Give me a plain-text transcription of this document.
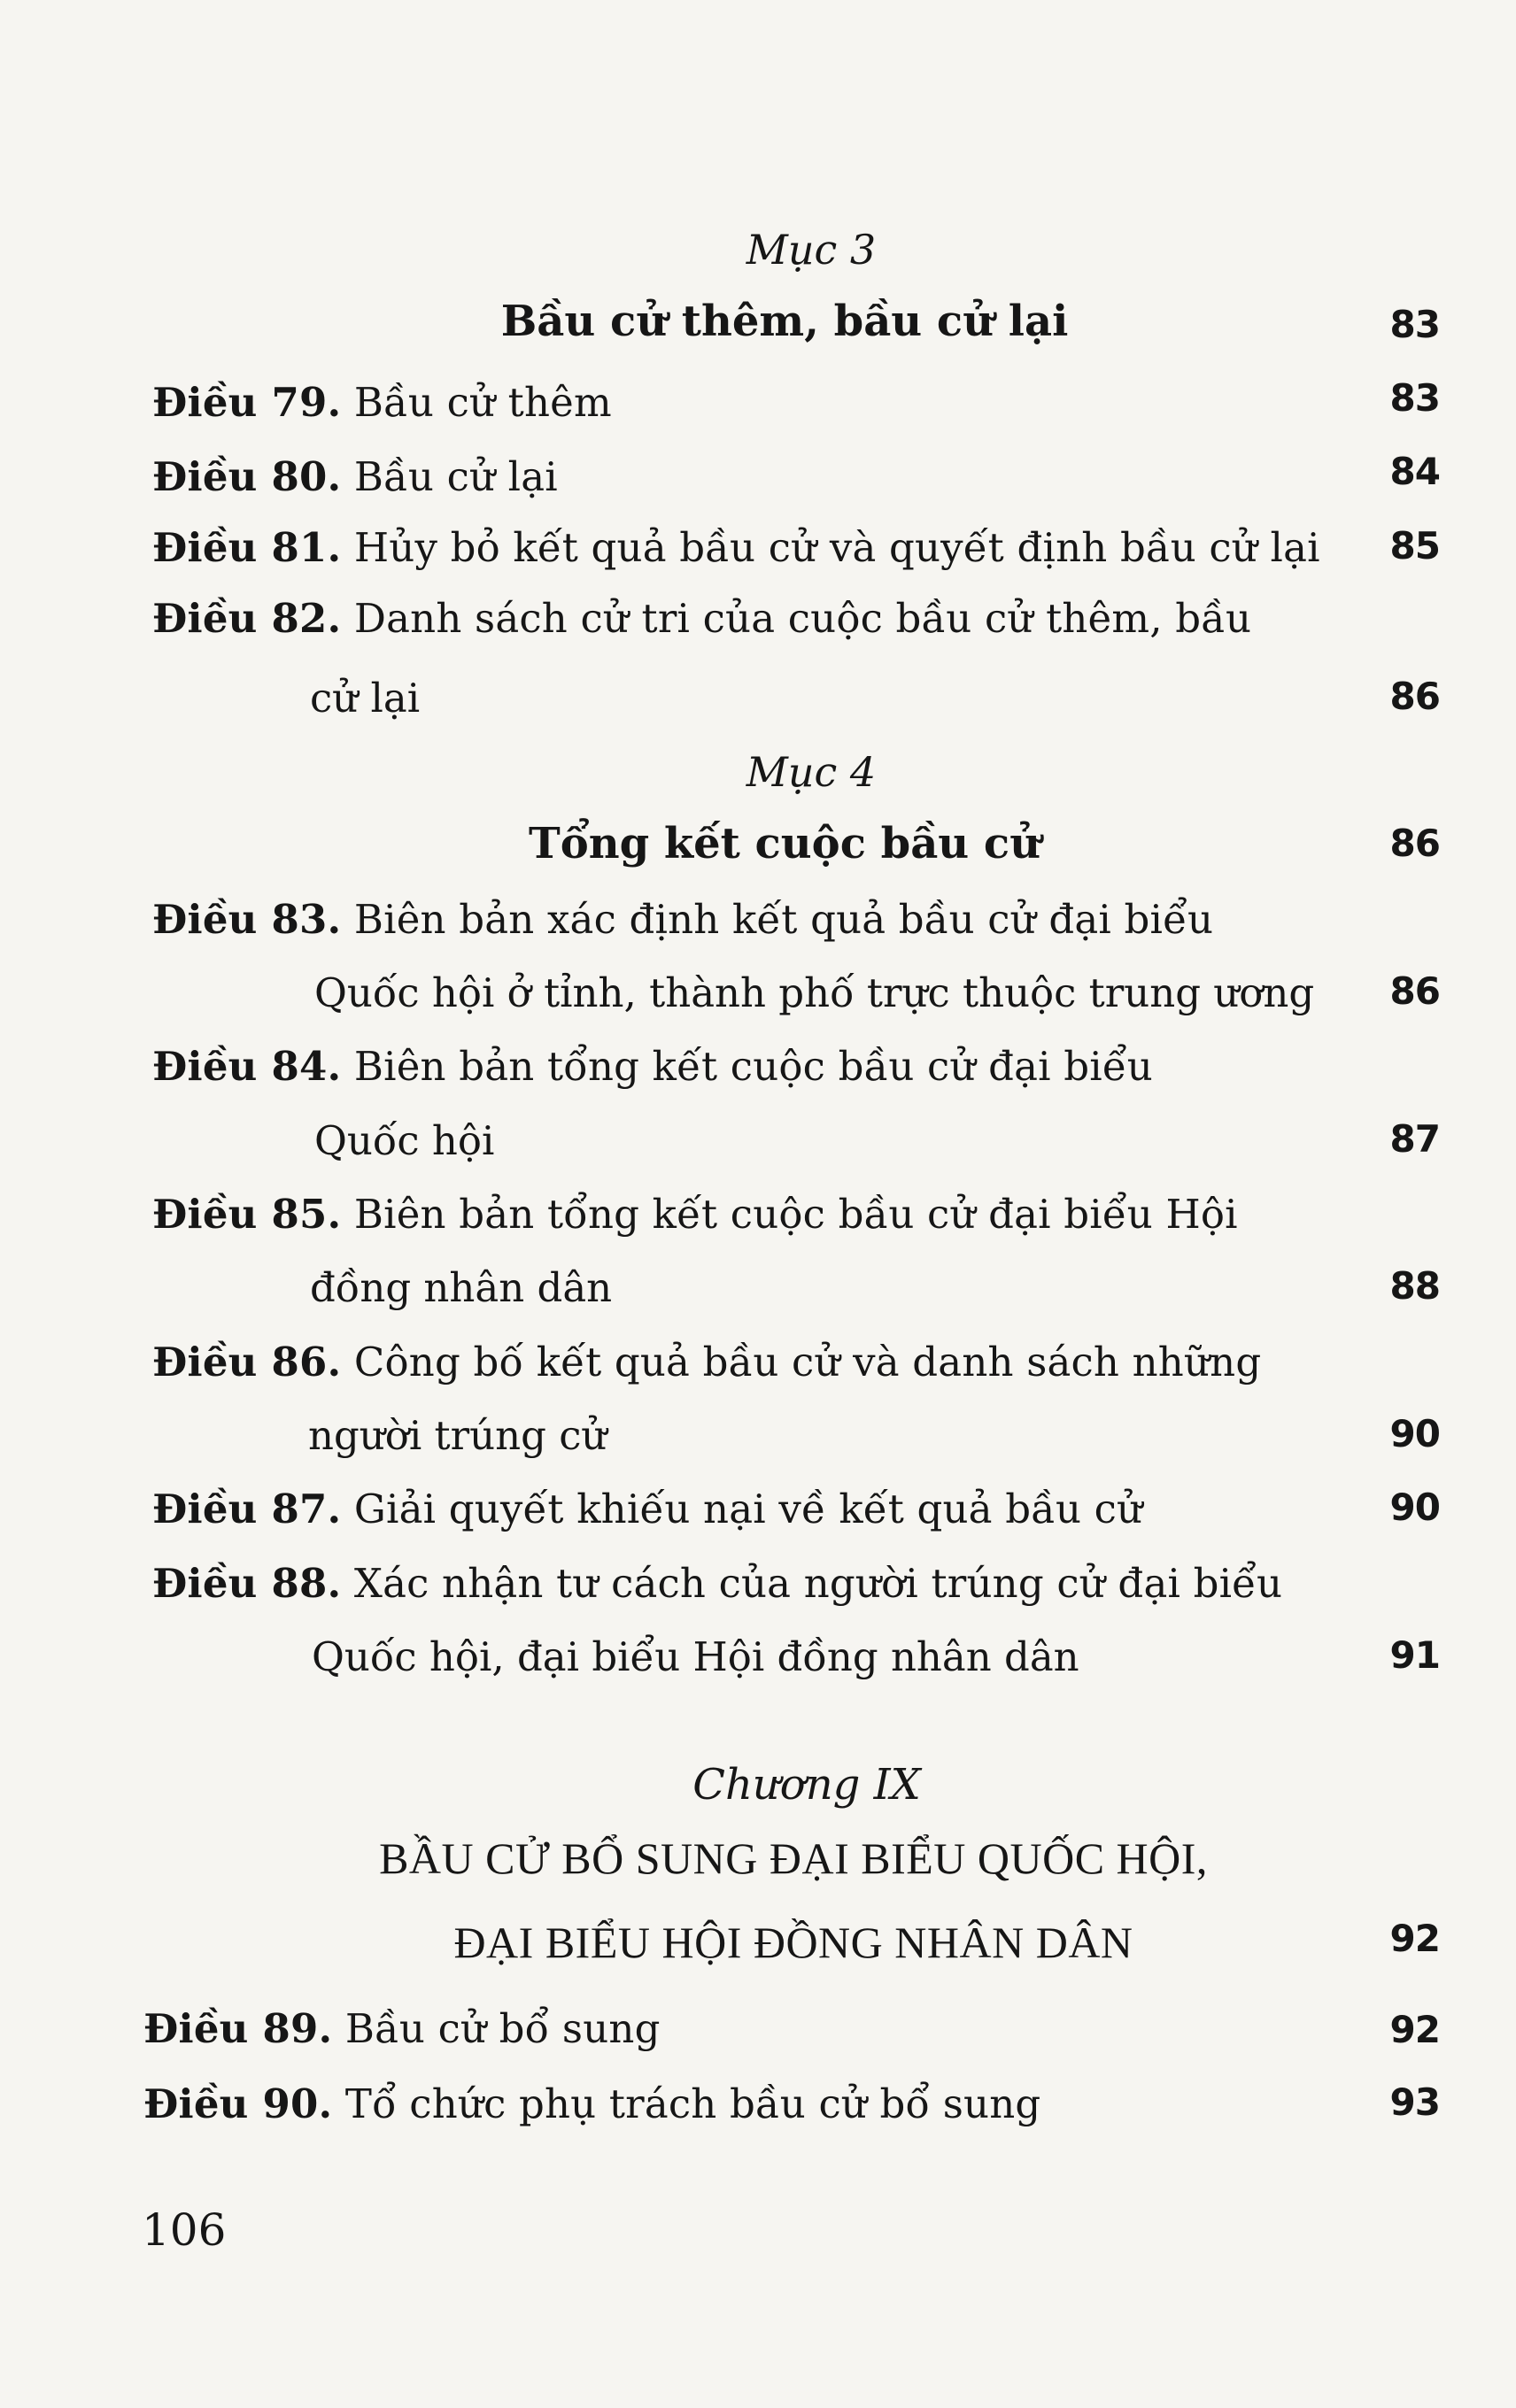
Mục 3
Bầu cử thêm, bầu cử lại	83
Điều 79. Bầu cử thêm	83
Điều 80. Bầu cử lại	84
Điều 81. Hủy bỏ kết quả bầu cử và quyết định bầu cử lại 85
Điều 82. Danh sách cử tri của cuộc bầu cử thêm, bầu
cử lại	86
Mục 4
Tổng kết cuộc bầu cử	86
Điều 83. Biên bản xác định kết quả bầu cử đại biểu
Quốc hội ở tỉnh, thành phố trực thuộc trung ương 86
Điều 84. Biên bản tổng kết cuộc bầu cử đại biểu
Quốc hội	87
Điều 85. Biên bản tổng kết cuộc bầu cử đại biểu Hội
đồng nhân dân	88
Điều 86. Công bố kết quả bầu cử và danh sách những
người trúng cử	90
Điều 87. Giải quyết khiếu nại về kết quả bầu cử	90
Điều 88. Xác nhận tư cách của người trúng cử đại biểu
Quốc hội, đại biểu Hội đồng nhân dân	91
Chương IX
BẦU CỬ BỔ SUNG ĐẠI BIỂU QUỐC HỘI,
ĐẠI BIỂU HỘI ĐỒNG NHÂN DÂN	92
Điều 89. Bầu cử bổ sung	92
Điều 90. Tổ chức phụ trách bầu cử bổ sung	93
106
